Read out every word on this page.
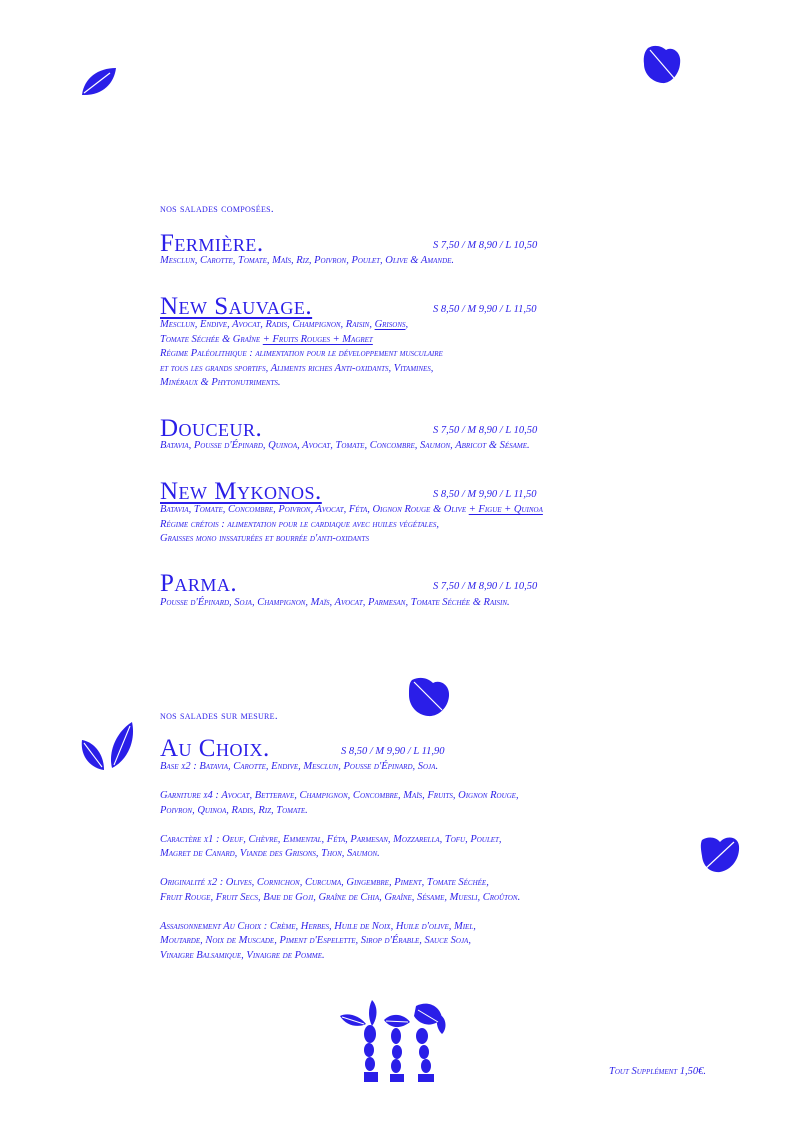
nos salades composées.
Fermière.	S 7,50 / M 8,90 / L 10,50
Mesclun, Carotte, Tomate, Maïs, Riz, Poivron, Poulet, Olive & Amande.
New Sauvage.	S 8,50 / M 9,90 / L 11,50
Mesclun, Endive, Avocat, Radis, Champignon, Raisin, Grisons,
Tomate Séchée & Graîne + Fruits Rouges + Magret
Régime Paléolithique : alimentation pour le développement musculaire
et tous les grands sportifs, Aliments riches Anti-oxidants, Vitamines,
Minéraux & Phytonutriments.
Douceur.	S 7,50 / M 8,90 / L 10,50
Batavia, Pousse d'Épinard, Quinoa, Avocat, Tomate, Concombre, Saumon, Abricot & Sésame.
New Mykonos.	S 8,50 / M 9,90 / L 11,50
Batavia, Tomate, Concombre, Poivron, Avocat, Féta, Oignon Rouge & Olive + Figue + Quinoa
Régime crétois : alimentation pour le cardiaque avec huiles végétales,
Graisses mono inssaturées et bourrée d'anti-oxidants
Parma.	S 7,50 / M 8,90 / L 10,50
Pousse d'Épinard, Soja, Champignon, Maïs, Avocat, Parmesan, Tomate Séchée & Raisin.
nos salades sur mesure.
Au Choix.	S 8,50 / M 9,90 / L 11,90
Base x2 : Batavia, Carotte, Endive, Mesclun, Pousse d'Épinard, Soja.
Garniture x4 : Avocat, Betterave, Champignon, Concombre, Maïs, Fruits, Oignon Rouge,
Poivron, Quinoa, Radis, Riz, Tomate.
Caractère x1 : Oeuf, Chèvre, Emmental, Féta, Parmesan, Mozzarella, Tofu, Poulet,
Magret de Canard, Viande des Grisons, Thon, Saumon.
Originalité x2 : Olives, Cornichon, Curcuma, Gingembre, Piment, Tomate Séchée,
Fruit Rouge, Fruit Secs, Baie de Goji, Graîne de Chia, Graîne, Sésame, Muesli, Croûton.
Assaisonnement Au Choix : Crème, Herbes, Huile de Noix, Huile d'olive, Miel,
Moutarde, Noix de Muscade, Piment d'Espelette, Sirop d'Érable, Sauce Soja,
Vinaigre Balsamique, Vinaigre de Pomme.
Tout Supplément 1,50€.
